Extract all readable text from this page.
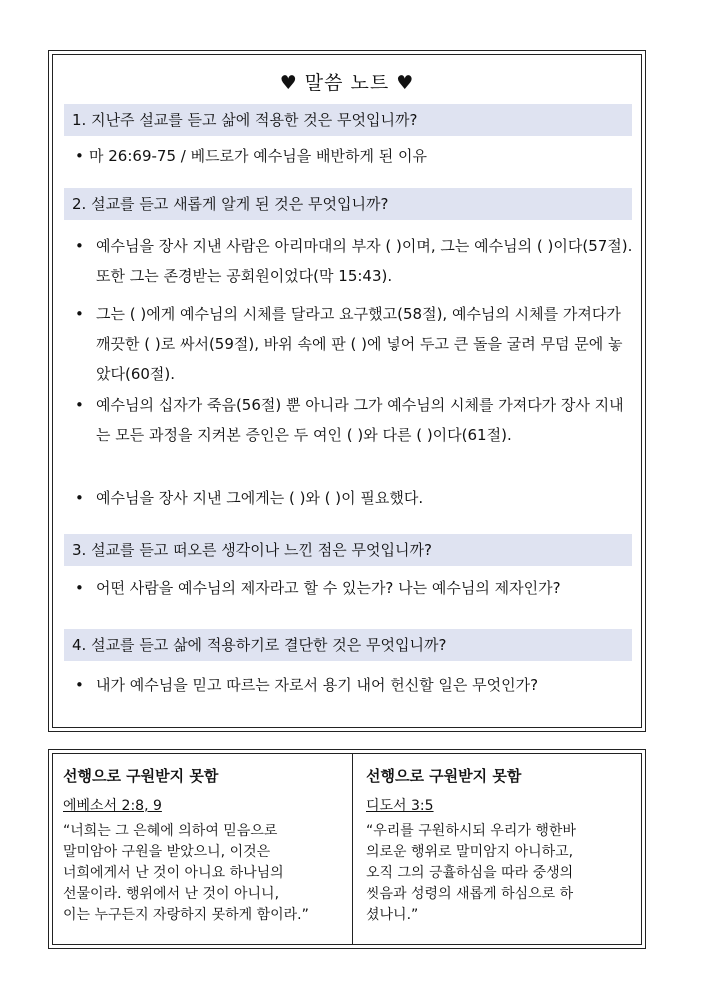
♥ 말씀 노트 ♥
1. 지난주 설교를 듣고 삶에 적용한 것은 무엇입니까?
• 마 26:69-75 / 베드로가 예수님을 배반하게 된 이유
2. 설교를 듣고 새롭게 알게 된 것은 무엇입니까?
• 예수님을 장사 지낸 사람은 아리마대의 부자 ( )이며, 그는 예수님의 ( )이다(57절). 또한 그는 존경받는 공회원이었다(막 15:43).
• 그는 ( )에게 예수님의 시체를 달라고 요구했고(58절), 예수님의 시체를 가져다가 깨끗한 ( )로 싸서(59절), 바위 속에 판 ( )에 넣어 두고 큰 돌을 굴려 무덤 문에 놓았다(60절).
• 예수님의 십자가 죽음(56절) 뿐 아니라 그가 예수님의 시체를 가져다가 장사 지내는 모든 과정을 지켜본 증인은 두 여인 ( )와 다른 ( )이다(61절).
• 예수님을 장사 지낸 그에게는 ( )와 ( )이 필요했다.
3. 설교를 듣고 떠오른 생각이나 느낀 점은 무엇입니까?
• 어떤 사람을 예수님의 제자라고 할 수 있는가? 나는 예수님의 제자인가?
4. 설교를 듣고 삶에 적용하기로 결단한 것은 무엇입니까?
• 내가 예수님을 믿고 따르는 자로서 용기 내어 헌신할 일은 무엇인가?
선행으로 구원받지 못함
에베소서 2:8, 9
“너희는 그 은혜에 의하여 믿음으로
말미암아 구원을 받았으니, 이것은
너희에게서 난 것이 아니요 하나님의
선물이라. 행위에서 난 것이 아니니,
이는 누구든지 자랑하지 못하게 함이라.”
선행으로 구원받지 못함
디도서 3:5
“우리를 구원하시되 우리가 행한바
의로운 행위로 말미암지 아니하고,
오직 그의 긍휼하심을 따라 중생의
씻음과 성령의 새롭게 하심으로 하
셨나니.”
